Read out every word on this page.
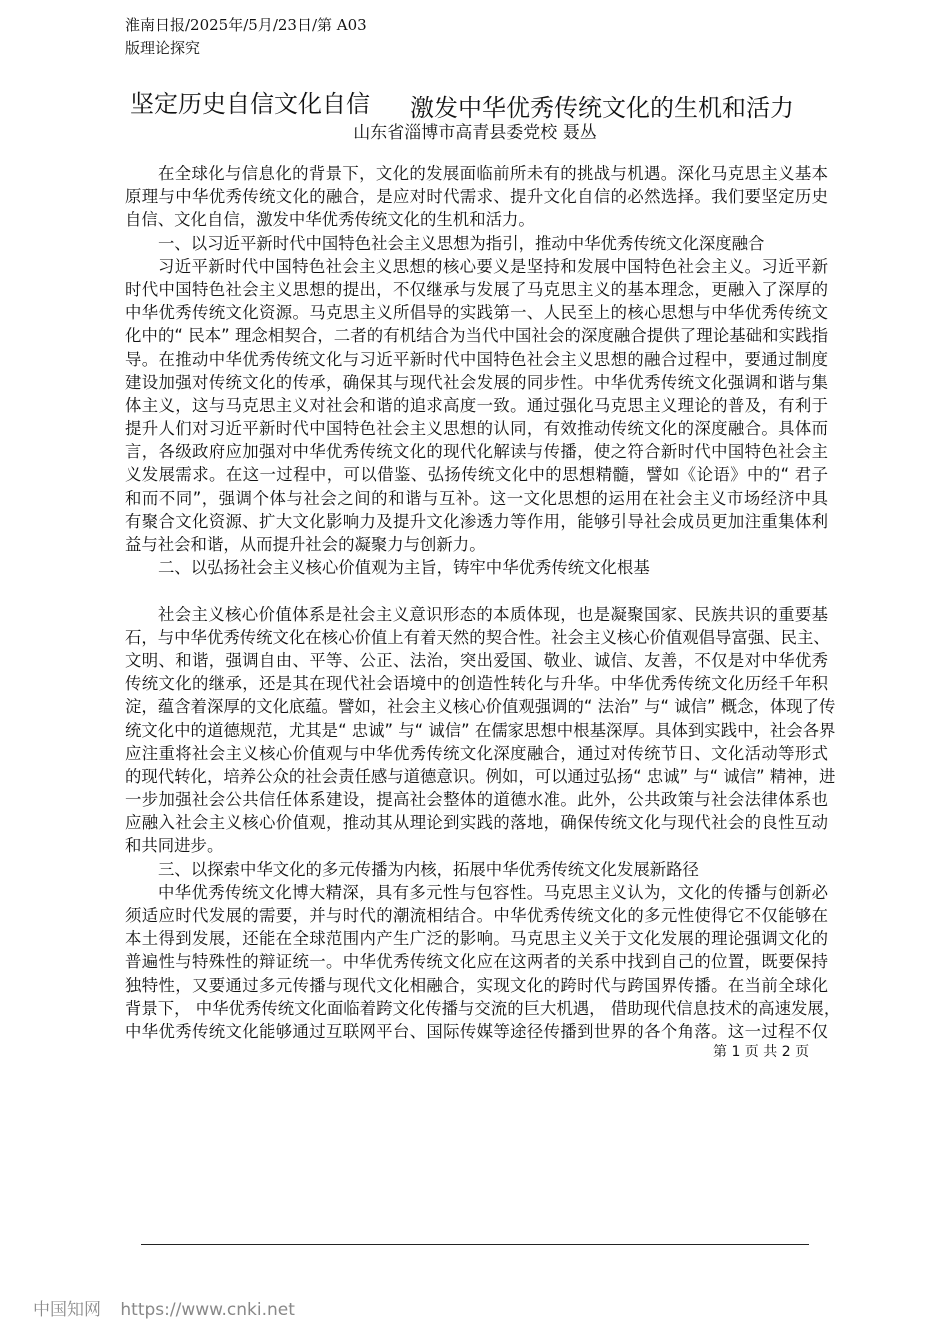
淮南日报/2025年/5月/23日/第 A03
版理论探究
坚定历史自信文化自信 激发中华优秀传统文化的生机和活力
山东省淄博市高青县委党校 聂丛
在全球化与信息化的背景下，文化的发展面临前所未有的挑战与机遇。深化马克思主义基本
原理与中华优秀传统文化的融合，是应对时代需求、提升文化自信的必然选择。我们要坚定历史
自信、文化自信，激发中华优秀传统文化的生机和活力。
一、以习近平新时代中国特色社会主义思想为指引，推动中华优秀传统文化深度融合
习近平新时代中国特色社会主义思想的核心要义是坚持和发展中国特色社会主义。习近平新
时代中国特色社会主义思想的提出，不仅继承与发展了马克思主义的基本理念，更融入了深厚的
中华优秀传统文化资源。马克思主义所倡导的实践第一、人民至上的核心思想与中华优秀传统文
化中的“ 民本” 理念相契合，二者的有机结合为当代中国社会的深度融合提供了理论基础和实践指
导。在推动中华优秀传统文化与习近平新时代中国特色社会主义思想的融合过程中，要通过制度
建设加强对传统文化的传承，确保其与现代社会发展的同步性。中华优秀传统文化强调和谐与集
体主义，这与马克思主义对社会和谐的追求高度一致。通过强化马克思主义理论的普及，有利于
提升人们对习近平新时代中国特色社会主义思想的认同，有效推动传统文化的深度融合。具体而
言，各级政府应加强对中华优秀传统文化的现代化解读与传播，使之符合新时代中国特色社会主
义发展需求。在这一过程中，可以借鉴、弘扬传统文化中的思想精髓，譬如《论语》中的“ 君子
和而不同”，强调个体与社会之间的和谐与互补。这一文化思想的运用在社会主义市场经济中具
有聚合文化资源、扩大文化影响力及提升文化渗透力等作用，能够引导社会成员更加注重集体利
益与社会和谐，从而提升社会的凝聚力与创新力。
二、以弘扬社会主义核心价值观为主旨，铸牢中华优秀传统文化根基
社会主义核心价值体系是社会主义意识形态的本质体现，也是凝聚国家、民族共识的重要基
石，与中华优秀传统文化在核心价值上有着天然的契合性。社会主义核心价值观倡导富强、民主、
文明、和谐，强调自由、平等、公正、法治，突出爱国、敬业、诚信、友善，不仅是对中华优秀
传统文化的继承，还是其在现代社会语境中的创造性转化与升华。中华优秀传统文化历经千年积
淀，蕴含着深厚的文化底蕴。譬如，社会主义核心价值观强调的“ 法治” 与“ 诚信” 概念，体现了传
统文化中的道德规范，尤其是“ 忠诚” 与“ 诚信” 在儒家思想中根基深厚。具体到实践中，社会各界
应注重将社会主义核心价值观与中华优秀传统文化深度融合，通过对传统节日、文化活动等形式
的现代转化，培养公众的社会责任感与道德意识。例如，可以通过弘扬“ 忠诚” 与“ 诚信” 精神，进
一步加强社会公共信任体系建设，提高社会整体的道德水准。此外，公共政策与社会法律体系也
应融入社会主义核心价值观，推动其从理论到实践的落地，确保传统文化与现代社会的良性互动
和共同进步。
三、以探索中华文化的多元传播为内核，拓展中华优秀传统文化发展新路径
中华优秀传统文化博大精深，具有多元性与包容性。马克思主义认为，文化的传播与创新必
须适应时代发展的需要，并与时代的潮流相结合。中华优秀传统文化的多元性使得它不仅能够在
本土得到发展，还能在全球范围内产生广泛的影响。马克思主义关于文化发展的理论强调文化的
普遍性与特殊性的辩证统一。中华优秀传统文化应在这两者的关系中找到自己的位置，既要保持
独特性，又要通过多元传播与现代文化相融合，实现文化的跨时代与跨国界传播。在当前全球化
背景下， 中华优秀传统文化面临着跨文化传播与交流的巨大机遇， 借助现代信息技术的高速发展，
中华优秀传统文化能够通过互联网平台、国际传媒等途径传播到世界的各个角落。这一过程不仅
第 1 页 共 2 页
中国知网 https://www.cnki.net
